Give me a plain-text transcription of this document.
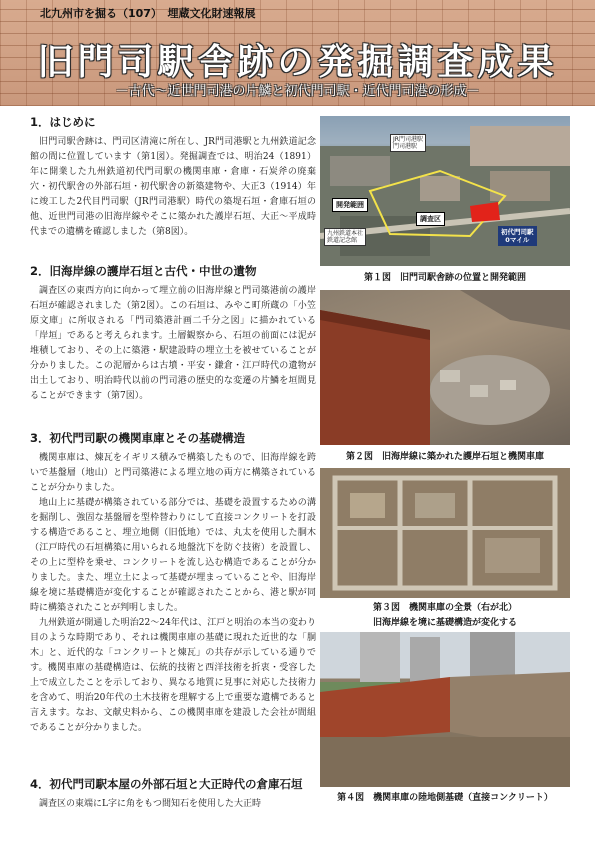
北九州市を掘る（107）　埋蔵文化財速報展
旧門司駅舎跡の発掘調査成果
－古代～近世門司港の片鱗と初代門司駅・近代門司港の形成－
1．はじめに

旧門司駅舎跡は、門司区清滝に所在し、JR門司港駅と九州鉄道記念館の間に位置しています（第1図）。発掘調査では、明治24（1891）年に開業した九州鉄道初代門司駅の機関車庫・倉庫・石炭斧の廃棄穴・初代駅舎の外部石垣・初代駅舎の新築建物や、大正3（1914）年に竣工した2代目門司駅（JR門司港駅）時代の築堤石垣・倉庫石垣の他、近世門司港の旧海岸線やそこに築かれた護岸石垣、大正～平成時代までの遺構を確認しました（第8図）。

2．旧海岸線の護岸石垣と古代・中世の遺物

調査区の東西方向に向かって埋立前の旧海岸線と門司築港前の護岸石垣が確認されました（第2図）。この石垣は、みやこ町所蔵の「小笠原文庫」に所収される「門司築港計画二千分之図」に描かれている「岸垣」であると考えられます。土層観察から、石垣の前面には泥が堆積しており、その上に築港・駅建設時の埋立土を被せていることが分かりました。この泥層からは古墳・平安・鎌倉・江戸時代の遺物が出土しており、明治時代以前の門司港の歴史的な変遷の片鱗を垣間見ることができます（第7図）。

3．初代門司駅の機関車庫とその基礎構造

機関車庫は、煉瓦をイギリス積みで構築したもので、旧海岸線を跨いで基盤層（地山）と門司築港による埋立地の両方に構築されていることが分かりました。

地山上に基礎が構築されている部分では、基礎を設置するための溝を掘削し、強固な基盤層を型枠替わりにして直接コンクリートを打設する構造であること、埋立地側（旧低地）では、丸太を使用した胴木（江戸時代の石垣構築に用いられる地盤沈下を防ぐ技術）を設置し、その上に型枠を乗せ、コンクリートを流し込む構造であることが分かりました。また、埋立土によって基礎が埋まっていることや、旧海岸線を境に基礎構造が変化することが確認されたことから、港と駅が同時に構築されたことが判明しました。

九州鉄道が開通した明治22～24年代は、江戸と明治の本当の変わり目のような時期であり、それは機関車庫の基礎に現れた近世的な「胴木」と、近代的な「コンクリートと煉瓦」の共存が示している通りです。機関車庫の基礎構造は、伝統的技術と西洋技術を折衷・受容した上で成立したことを示しており、異なる地質に見事に対応した技術力を含めて、明治20年代の土木技術を理解する上で重要な遺構であると言えます。なお、文献史料から、この機関車庫を建設した会社が間組であることが分かりました。

4．初代門司駅本屋の外部石垣と大正時代の倉庫石垣

調査区の東端にL字に角をもつ間知石を使用した大正時

JR門司港駅
門司港駅
開発範囲
調査区
九州鉄道本社
鉄道記念館
初代門司駅
0マイル
第１図　旧門司駅舎跡の位置と開発範囲
第２図　旧海岸線に築かれた護岸石垣と機関車庫
第３図　機関車庫の全景（右が北）
旧海岸線を境に基礎構造が変化する
第４図　機関車庫の陸地側基礎（直接コンクリート）
